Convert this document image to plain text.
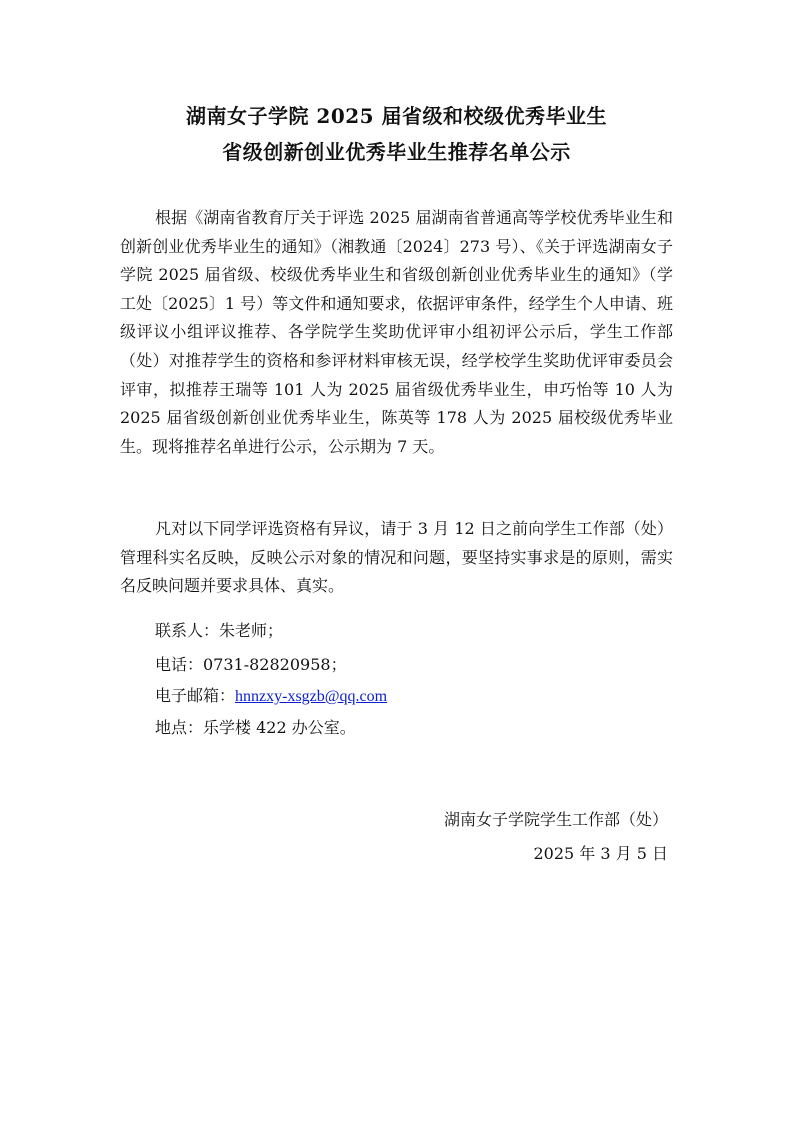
湖南女子学院 2025 届省级和校级优秀毕业生
省级创新创业优秀毕业生推荐名单公示
根据《湖南省教育厅关于评选 2025 届湖南省普通高等学校优秀毕业生和创新创业优秀毕业生的通知》（湘教通〔2024〕273 号）、《关于评选湖南女子学院 2025 届省级、校级优秀毕业生和省级创新创业优秀毕业生的通知》（学工处〔2025〕1 号）等文件和通知要求，依据评审条件，经学生个人申请、班级评议小组评议推荐、各学院学生奖助优评审小组初评公示后，学生工作部（处）对推荐学生的资格和参评材料审核无误，经学校学生奖助优评审委员会评审，拟推荐王瑞等 101 人为 2025 届省级优秀毕业生，申巧怡等 10 人为 2025 届省级创新创业优秀毕业生，陈英等 178 人为 2025 届校级优秀毕业生。现将推荐名单进行公示，公示期为 7 天。
凡对以下同学评选资格有异议，请于 3 月 12 日之前向学生工作部（处）管理科实名反映，反映公示对象的情况和问题，要坚持实事求是的原则，需实名反映问题并要求具体、真实。
联系人：朱老师；
电话：0731-82820958；
电子邮箱：hnnzxy-xsgzb@qq.com
地点：乐学楼 422 办公室。
湖南女子学院学生工作部（处）
2025 年 3 月 5 日
